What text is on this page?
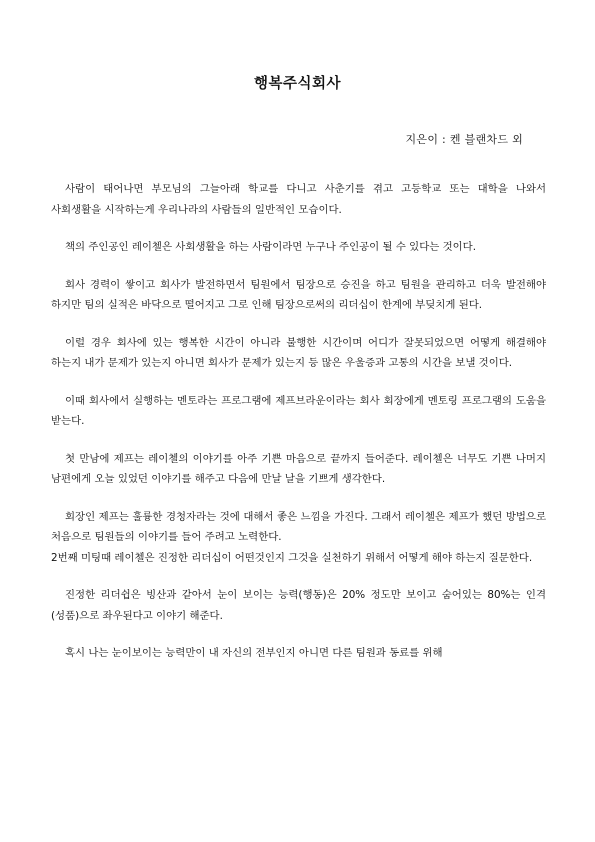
행복주식회사
지은이 : 켄 블랜차드 외

사람이 태어나면 부모님의 그늘아래 학교를 다니고 사춘기를 겪고 고등학교 또는 대학을 나와서 사회생활을 시작하는게 우리나라의 사람들의 일반적인 모습이다.

책의 주인공인 레이첼은 사회생활을 하는 사람이라면 누구나 주인공이 될 수 있다는 것이다.

회사 경력이 쌓이고 회사가 발전하면서 팀원에서 팀장으로 승진을 하고 팀원을 관리하고 더욱 발전해야 하지만 팀의 실적은 바닥으로 떨어지고 그로 인해 팀장으로써의 리더십이 한계에 부딪치게 된다.

이럴 경우 회사에 있는 행복한 시간이 아니라 불행한 시간이며 어디가 잘못되었으면 어떻게 해결해야 하는지 내가 문제가 있는지 아니면 회사가 문제가 있는지 등 많은 우울증과 고통의 시간을 보낼 것이다.

이때 회사에서 실행하는 멘토라는 프로그램에 제프브라운이라는 회사 회장에게 멘토링 프로그램의 도움을 받는다.

첫 만남에 제프는 레이첼의 이야기를 아주 기쁜 마음으로 끝까지 들어준다. 레이첼은 너무도 기쁜 나머지 남편에게 오늘 있었던 이야기를 해주고 다음에 만날 날을 기쁘게 생각한다.

회장인 제프는 훌륭한 경청자라는 것에 대해서 좋은 느낌을 가진다. 그래서 레이첼은 제프가 했던 방법으로 처음으로 팀원들의 이야기를 들어 주려고 노력한다.

2번째 미팅때 레이첼은 진정한 리더십이 어떤것인지 그것을 실천하기 위해서 어떻게 해야 하는지 질문한다.

진정한 리더쉽은 빙산과 같아서 눈이 보이는 능력(행동)은 20% 정도만 보이고 숨어있는 80%는 인격(성품)으로 좌우된다고 이야기 해준다.

혹시 나는 눈이보이는 능력만이 내 자신의 전부인지 아니면 다른 팀원과 동료를 위해
